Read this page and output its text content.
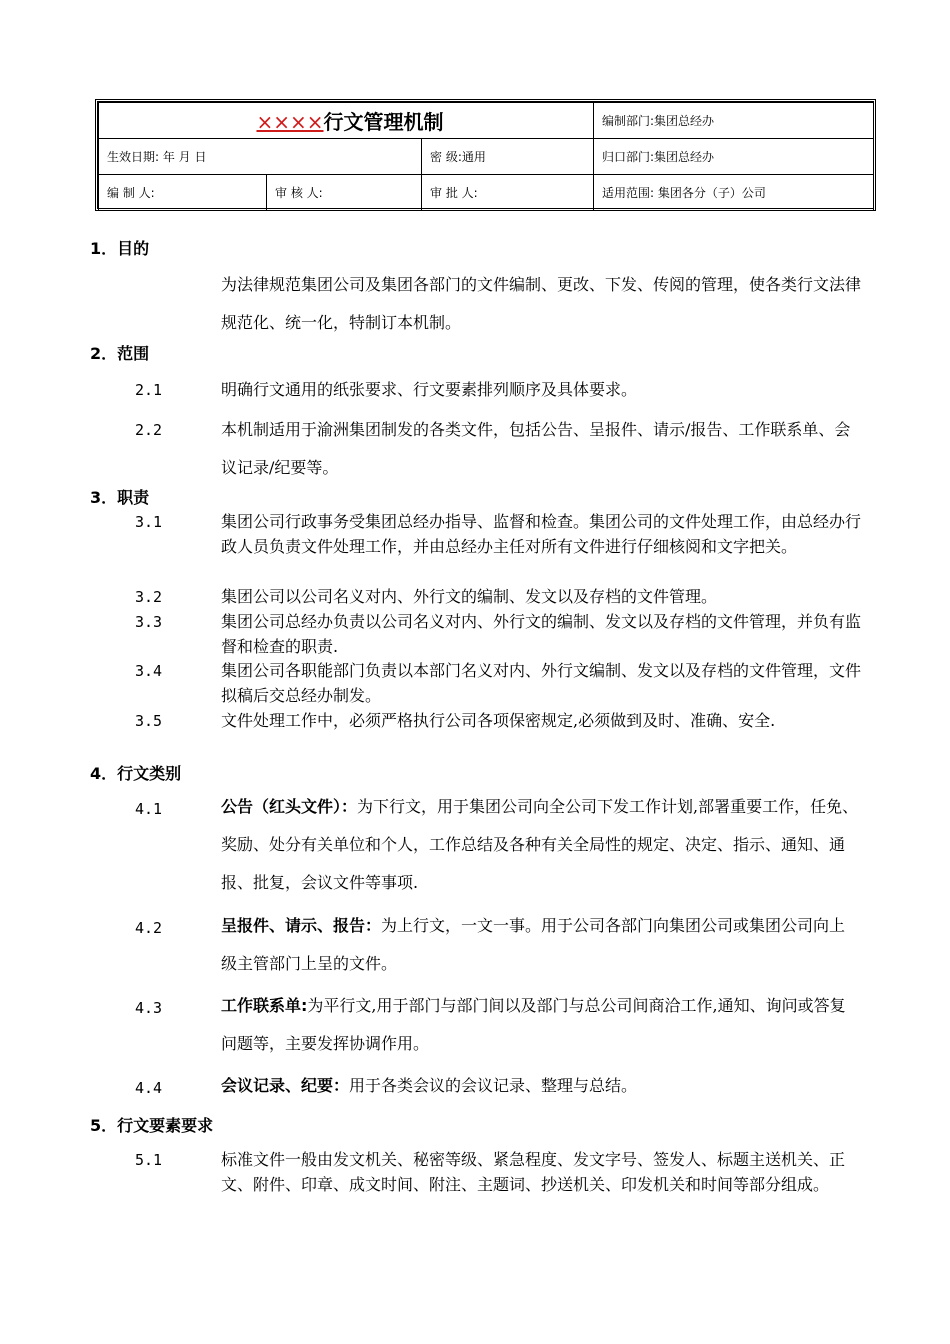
××××行文管理机制			编制部门:集团总经办
生效日期: 年 月 日		密 级:通用	归口部门:集团总经办
编 制 人:	审 核 人:	审 批 人:	适用范围: 集团各分（子）公司
1．目的
为法律规范集团公司及集团各部门的文件编制、更改、下发、传阅的管理，使各类行文法律规范化、统一化，特制订本机制。
2．范围
2.1	明确行文通用的纸张要求、行文要素排列顺序及具体要求。
2.2	本机制适用于渝洲集团制发的各类文件，包括公告、呈报件、请示/报告、工作联系单、会议记录/纪要等。
3．职责
3.1	集团公司行政事务受集团总经办指导、监督和检查。集团公司的文件处理工作，由总经办行政人员负责文件处理工作，并由总经办主任对所有文件进行仔细核阅和文字把关。
3.2	集团公司以公司名义对内、外行文的编制、发文以及存档的文件管理。
3.3	集团公司总经办负责以公司名义对内、外行文的编制、发文以及存档的文件管理，并负有监督和检查的职责.
3.4	集团公司各职能部门负责以本部门名义对内、外行文编制、发文以及存档的文件管理，文件拟稿后交总经办制发。
3.5	文件处理工作中，必须严格执行公司各项保密规定,必须做到及时、准确、安全.
4．行文类别
4.1	公告（红头文件）：为下行文，用于集团公司向全公司下发工作计划,部署重要工作，任免、奖励、处分有关单位和个人，工作总结及各种有关全局性的规定、决定、指示、通知、通报、批复，会议文件等事项.
4.2	呈报件、请示、报告：为上行文，一文一事。用于公司各部门向集团公司或集团公司向上级主管部门上呈的文件。
4.3	工作联系单:为平行文,用于部门与部门间以及部门与总公司间商洽工作,通知、询问或答复问题等，主要发挥协调作用。
4.4	会议记录、纪要：用于各类会议的会议记录、整理与总结。
5．行文要素要求
5.1	标准文件一般由发文机关、秘密等级、紧急程度、发文字号、签发人、标题主送机关、正文、附件、印章、成文时间、附注、主题词、抄送机关、印发机关和时间等部分组成。
